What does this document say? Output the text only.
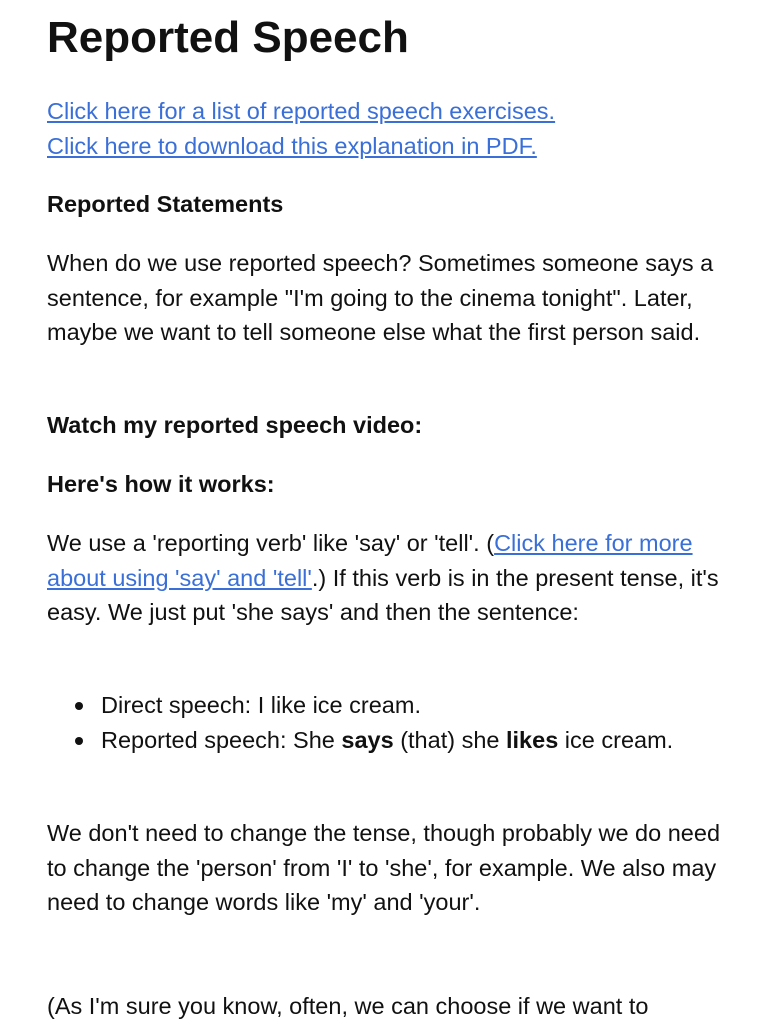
Reported Speech
Click here for a list of reported speech exercises.
Click here to download this explanation in PDF.
Reported Statements

When do we use reported speech? Sometimes someone says a sentence, for example "I'm going to the cinema tonight". Later, maybe we want to tell someone else what the first person said.

Watch my reported speech video:
Here's how it works:

We use a 'reporting verb' like 'say' or 'tell'. (Click here for more about using 'say' and 'tell'.) If this verb is in the present tense, it's easy. We just put 'she says' and then the sentence:

Direct speech: I like ice cream.
Reported speech: She says (that) she likes ice cream.

We don't need to change the tense, though probably we do need to change the 'person' from 'I' to 'she', for example. We also may need to change words like 'my' and 'your'.

(As I'm sure you know, often, we can choose if we want to
